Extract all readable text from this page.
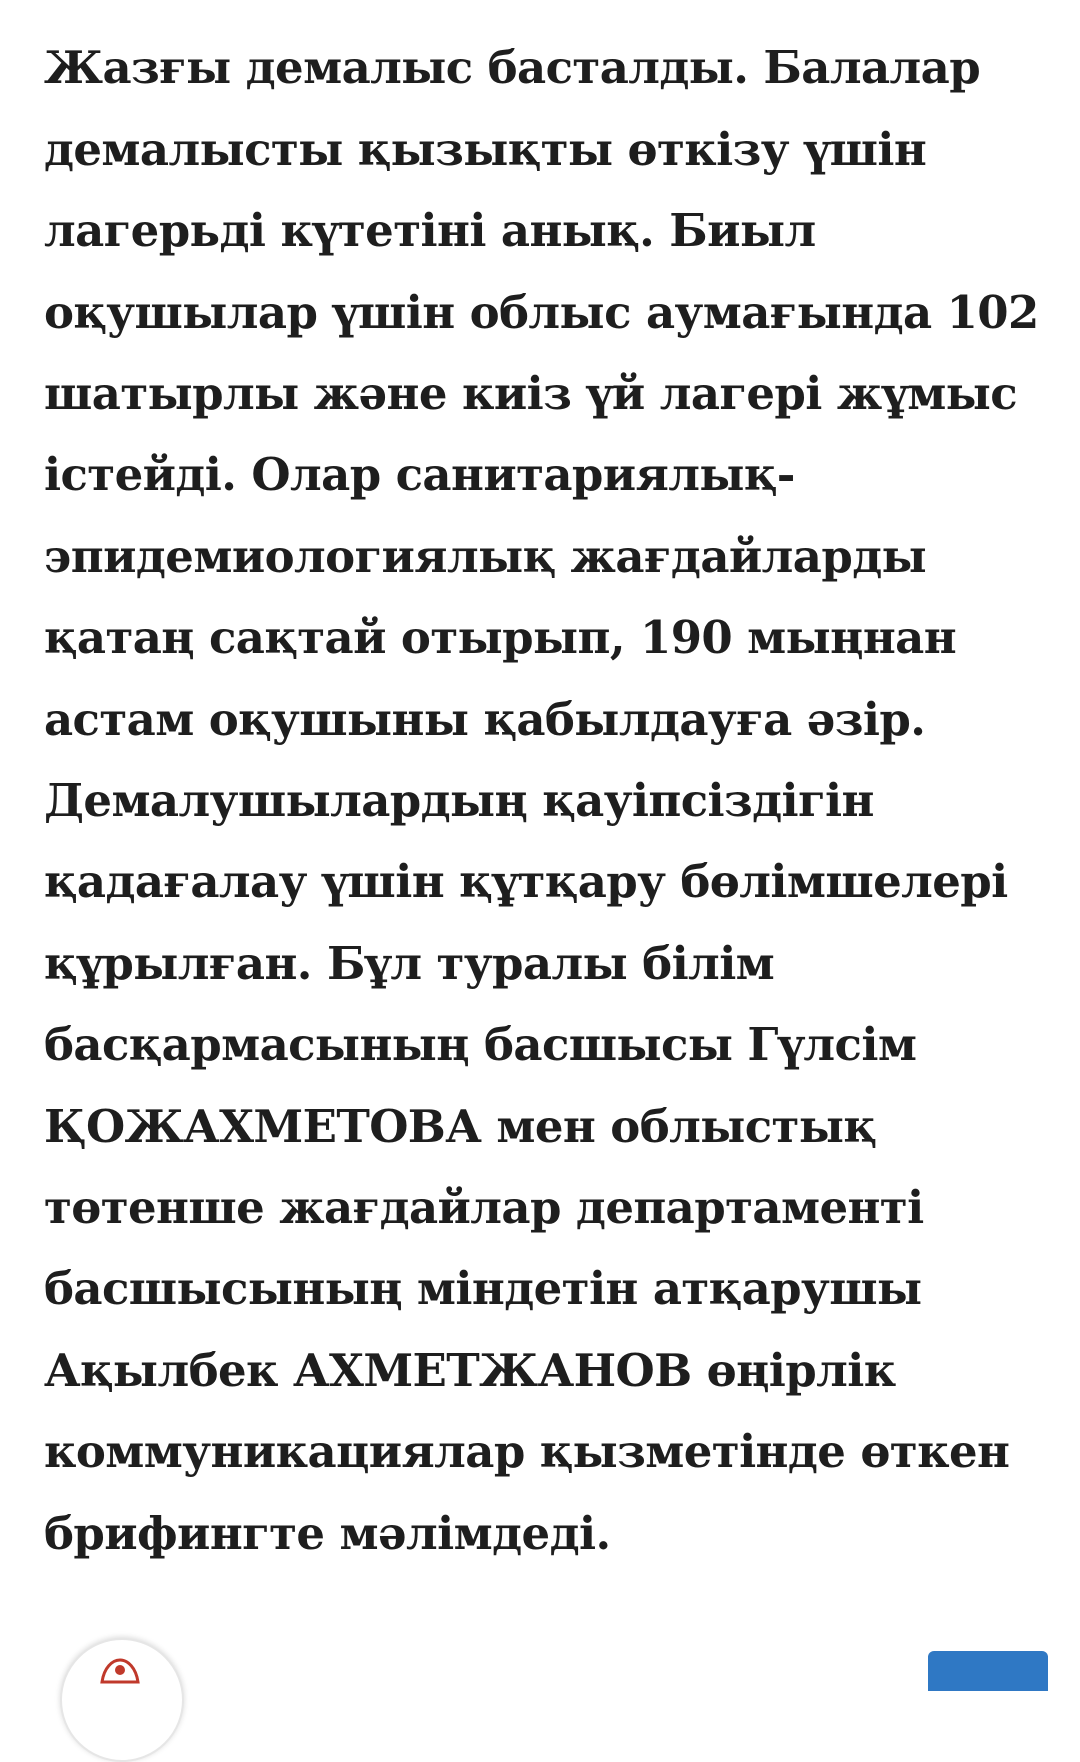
Жазғы демалыс басталды. Балалар

демалысты қызықты өткізу үшін

лагерьді күтетіні анық. Биыл

оқушылар үшін облыс аумағында 102

шатырлы және киіз үй лагері жұмыс

істейді. Олар санитариялық-

эпидемиологиялық жағдайларды

қатаң сақтай отырып, 190 мыңнан

астам оқушыны қабылдауға әзір.

Демалушылардың қауіпсіздігін

қадағалау үшін құтқару бөлімшелері

құрылған. Бұл туралы білім

басқармасының басшысы Гүлсім

ҚОЖАХМЕТОВА мен облыстық

төтенше жағдайлар департаменті

басшысының міндетін атқарушы

Ақылбек АХМЕТЖАНОВ өңірлік

коммуникациялар қызметінде өткен

брифингте мәлімдеді.
